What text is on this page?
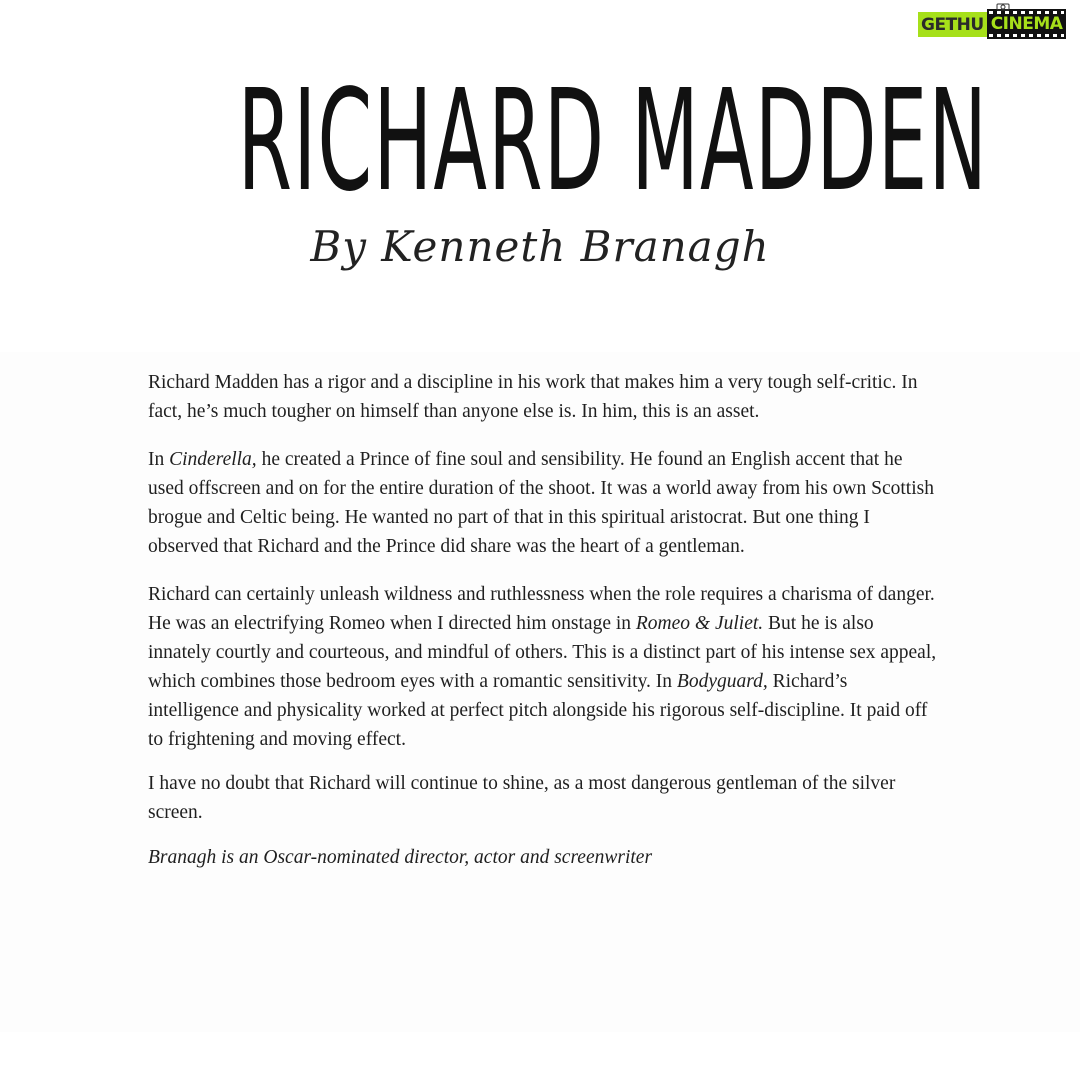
GETHU CINEMA
RICHARD MADDEN
By Kenneth Branagh

Richard Madden has a rigor and a discipline in his work that makes him a very tough self-critic. In fact, he’s much tougher on himself than anyone else is. In him, this is an asset.

In Cinderella, he created a Prince of fine soul and sensibility. He found an English accent that he used offscreen and on for the entire duration of the shoot. It was a world away from his own Scottish brogue and Celtic being. He wanted no part of that in this spiritual aristocrat. But one thing I observed that Richard and the Prince did share was the heart of a gentleman.

Richard can certainly unleash wildness and ruthlessness when the role requires a charisma of danger. He was an electrifying Romeo when I directed him onstage in Romeo & Juliet. But he is also innately courtly and courteous, and mindful of others. This is a distinct part of his intense sex appeal, which combines those bedroom eyes with a romantic sensitivity. In Bodyguard, Richard’s intelligence and physicality worked at perfect pitch alongside his rigorous self-discipline. It paid off to frightening and moving effect.

I have no doubt that Richard will continue to shine, as a most dangerous gentleman of the silver screen.

Branagh is an Oscar-nominated director, actor and screenwriter
